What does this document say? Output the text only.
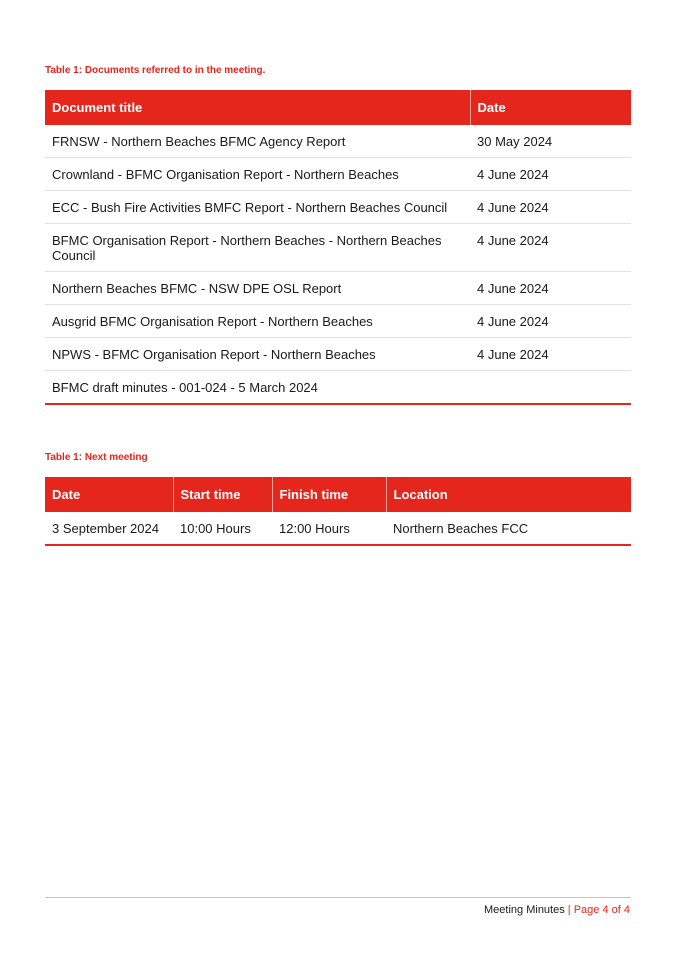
Table 1: Documents referred to in the meeting.
Document title	Date
FRNSW - Northern Beaches BFMC Agency Report	30 May 2024
Crownland - BFMC Organisation Report - Northern Beaches	4 June 2024
ECC - Bush Fire Activities BMFC Report - Northern Beaches Council	4 June 2024
BFMC Organisation Report - Northern Beaches - Northern Beaches Council	4 June 2024
Northern Beaches BFMC - NSW DPE OSL Report	4 June 2024
Ausgrid BFMC Organisation Report - Northern Beaches	4 June 2024
NPWS - BFMC Organisation Report - Northern Beaches	4 June 2024
BFMC draft minutes - 001-024 - 5 March 2024	
Table 1: Next meeting
Date	Start time	Finish time	Location
3 September 2024	10:00 Hours	12:00 Hours	Northern Beaches FCC
Meeting Minutes | Page 4 of 4
